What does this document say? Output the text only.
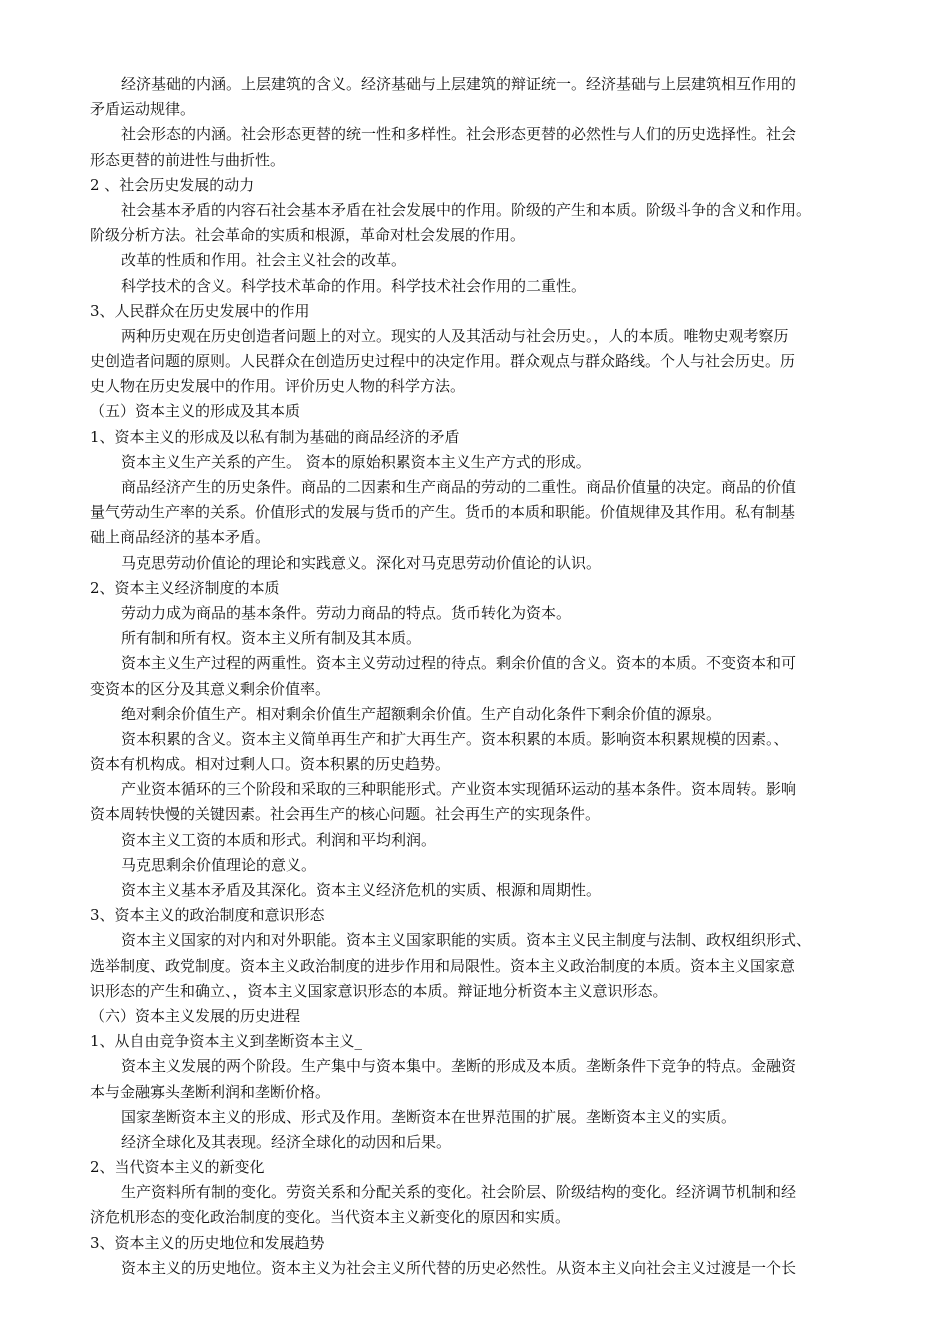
经济基础的内涵。上层建筑的含义。经济基础与上层建筑的辩证统一。经济基础与上层建筑相互作用的
矛盾运动规律。
社会形态的内涵。社会形态更替的统一性和多样性。社会形态更替的必然性与人们的历史选择性。社会
形态更替的前进性与曲折性。
2 、社会历史发展的动力
社会基本矛盾的内容石社会基本矛盾在社会发展中的作用。阶级的产生和本质。阶级斗争的含义和作用。
阶级分析方法。社会革命的实质和根源，革命对杜会发展的作用。
改革的性质和作用。社会主义社会的改革。
科学技术的含义。科学技术革命的作用。科学技术社会作用的二重性。
3、人民群众在历史发展中的作用
两种历史观在历史创造者问题上的对立。现实的人及其活动与社会历史。，人的本质。唯物史观考察历
史创造者问题的原则。人民群众在创造历史过程中的决定作用。群众观点与群众路线。个人与社会历史。历
史人物在历史发展中的作用。评价历史人物的科学方法。
（五）资本主义的形成及其本质
1、资本主义的形成及以私有制为基础的商品经济的矛盾
资本主义生产关系的产生。 资本的原始积累资本主义生产方式的形成。
商品经济产生的历史条件。商品的二因素和生产商品的劳动的二重性。商品价值量的决定。商品的价值
量气劳动生产率的关系。价值形式的发展与货币的产生。货币的本质和职能。价值规律及其作用。私有制基
础上商品经济的基本矛盾。
马克思劳动价值论的理论和实践意义。深化对马克思劳动价值论的认识。
2、资本主义经济制度的本质
劳动力成为商品的基本条件。劳动力商品的特点。货币转化为资本。
所有制和所有权。资本主义所有制及其本质。
资本主义生产过程的两重性。资本主义劳动过程的待点。剩余价值的含义。资本的本质。不变资本和可
变资本的区分及其意义剩余价值率。
绝对剩余价值生产。相对剩余价值生产超额剩余价值。生产自动化条件下剩余价值的源泉。
资本积累的含义。资本主义简单再生产和扩大再生产。资本积累的本质。影响资本积累规模的因素。、
资本有机构成。相对过剩人口。资本积累的历史趋势。
产业资本循环的三个阶段和采取的三种职能形式。产业资本实现循环运动的基本条件。资本周转。影响
资本周转快慢的关键因素。社会再生产的核心问题。社会再生产的实现条件。
资本主义工资的本质和形式。利润和平均利润。
马克思剩余价值理论的意义。
资本主义基本矛盾及其深化。资本主义经济危机的实质、根源和周期性。
3、资本主义的政治制度和意识形态
资本主义国家的对内和对外职能。资本主义国家职能的实质。资本主义民主制度与法制、政权组织形式、
选举制度、政党制度。资本主义政治制度的进步作用和局限性。资本主义政治制度的本质。资本主义国家意
识形态的产生和确立、，资本主义国家意识形态的本质。辩证地分析资本主义意识形态。
（六）资本主义发展的历史进程
1、从自由竞争资本主义到垄断资本主义_
资本主义发展的两个阶段。生产集中与资本集中。垄断的形成及本质。垄断条件下竞争的特点。金融资
本与金融寡头垄断利润和垄断价格。
国家垄断资本主义的形成、形式及作用。垄断资本在世界范围的扩展。垄断资本主义的实质。
经济全球化及其表现。经济全球化的动因和后果。
2、当代资本主义的新变化
生产资料所有制的变化。劳资关系和分配关系的变化。社会阶层、阶级结构的变化。经济调节机制和经
济危机形态的变化政治制度的变化。当代资本主义新变化的原因和实质。
3、资本主义的历史地位和发展趋势
资本主义的历史地位。资本主义为社会主义所代替的历史必然性。从资本主义向社会主义过渡是一个长
